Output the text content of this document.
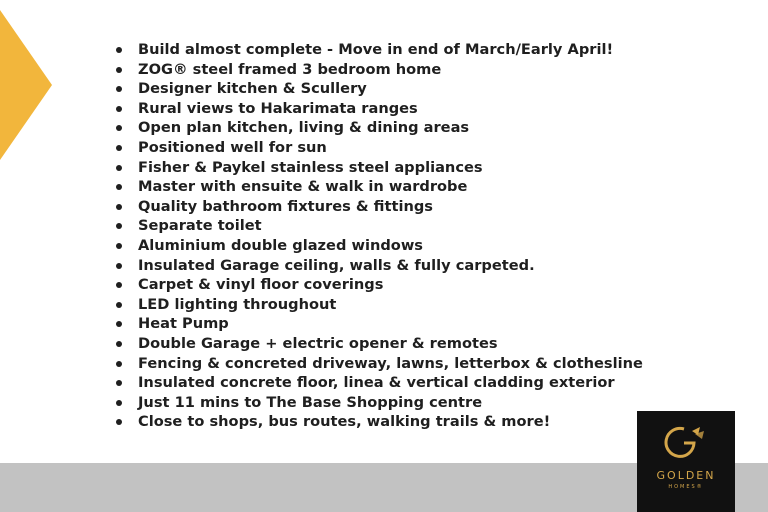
Build almost complete - Move in end of March/Early April!
ZOG® steel framed 3 bedroom home
Designer kitchen & Scullery
Rural views to Hakarimata ranges
Open plan kitchen, living & dining areas
Positioned well for sun
Fisher & Paykel stainless steel appliances
Master with ensuite & walk in wardrobe
Quality bathroom fixtures & fittings
Separate toilet
Aluminium double glazed windows
Insulated Garage ceiling, walls & fully carpeted.
Carpet & vinyl floor coverings
LED lighting throughout
Heat Pump
Double Garage + electric opener & remotes
Fencing & concreted driveway, lawns, letterbox & clothesline
Insulated concrete floor, linea & vertical cladding exterior
Just 11 mins to The Base Shopping centre
Close to shops, bus routes, walking trails & more!
GOLDEN
HOMES®
